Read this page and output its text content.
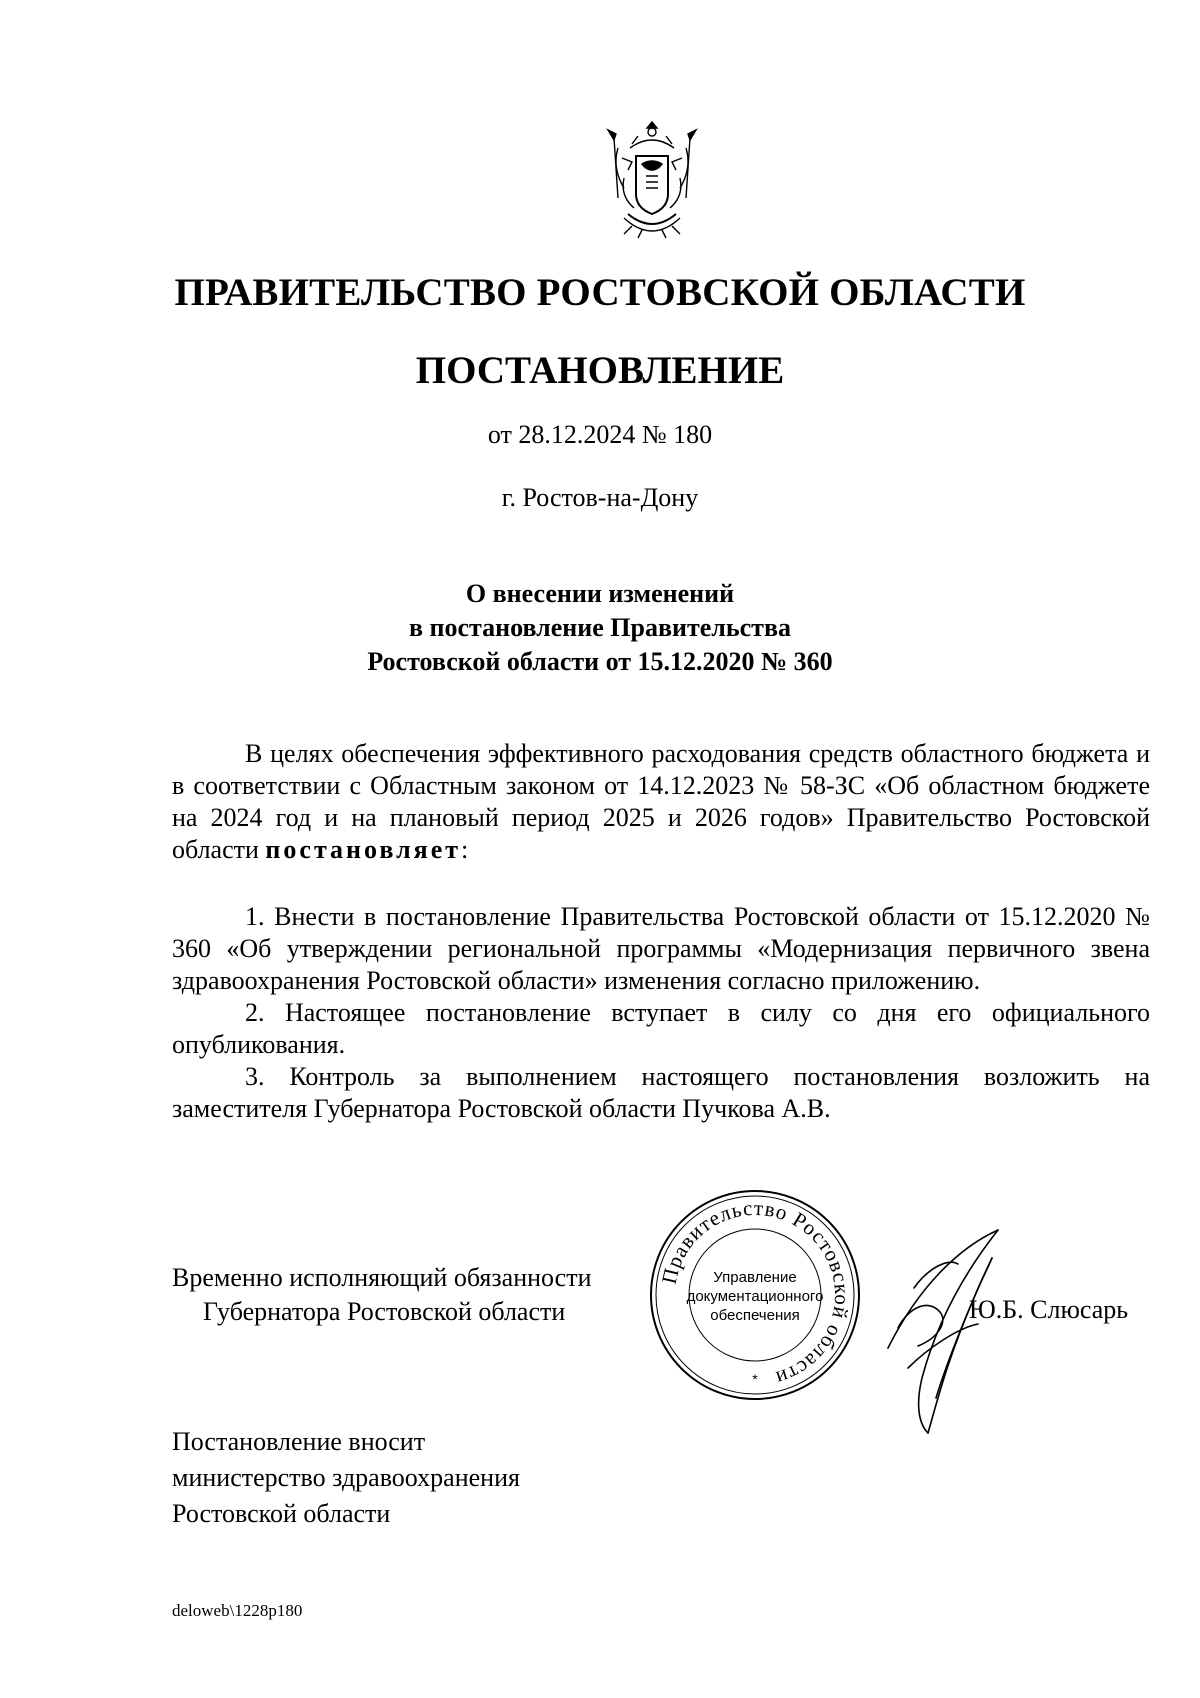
ПРАВИТЕЛЬСТВО РОСТОВСКОЙ ОБЛАСТИ
ПОСТАНОВЛЕНИЕ
от 28.12.2024 № 180
г. Ростов-на-Дону
О внесении изменений
в постановление Правительства
Ростовской области от 15.12.2020 № 360
В целях обеспечения эффективного расходования средств областного бюджета и в соответствии с Областным законом от 14.12.2023 № 58-ЗС «Об областном бюджете на 2024 год и на плановый период 2025 и 2026 годов» Правительство Ростовской области постановляет:
1. Внести в постановление Правительства Ростовской области от 15.12.2020 № 360 «Об утверждении региональной программы «Модернизация первичного звена здравоохранения Ростовской области» изменения согласно приложению.
2. Настоящее постановление вступает в силу со дня его официального опубликования.
3. Контроль за выполнением настоящего постановления возложить на заместителя Губернатора Ростовской области Пучкова А.В.
Временно исполняющий обязанности
Губернатора Ростовской области
Правительство Ростовской области
Управление
документационного
обеспечения
*
Ю.Б. Слюсарь
Постановление вносит
министерство здравоохранения
Ростовской области
deloweb\1228p180
